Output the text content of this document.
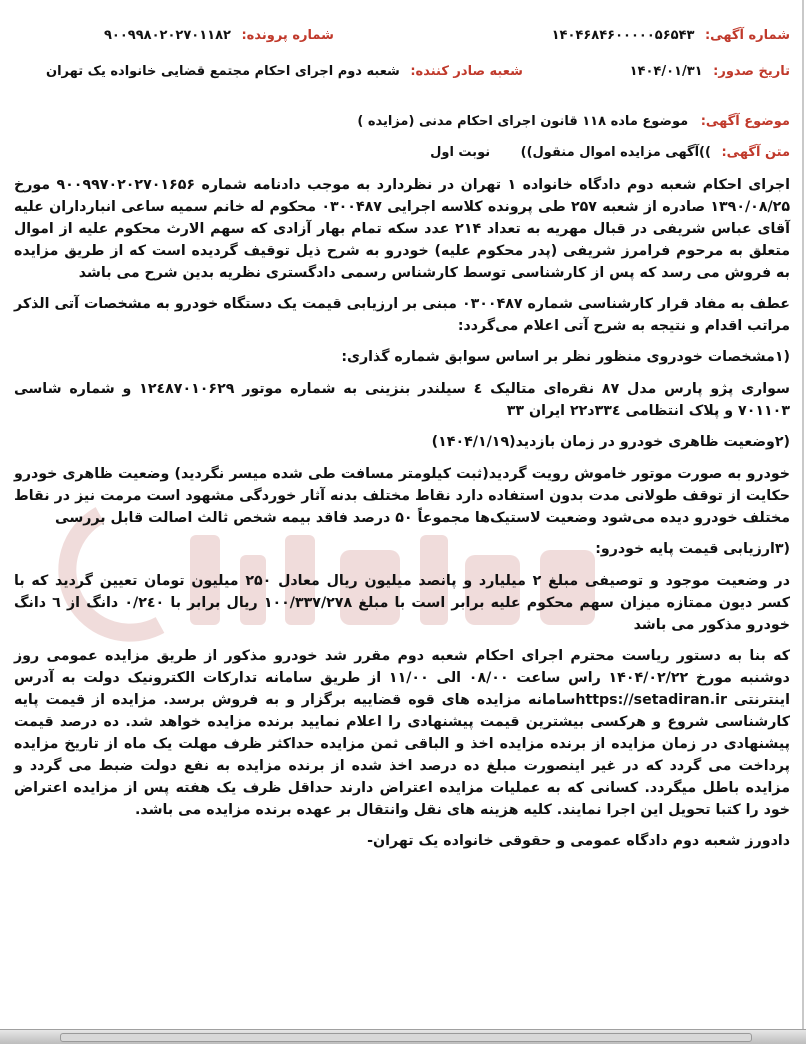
شماره آگهی: ۱۴۰۴۶۸۴۶۰۰۰۰۰۵۶۵۴۳
شماره پرونده: ۹۰۰۹۹۸۰۲۰۲۷۰۱۱۸۲
تاریخ صدور: ۱۴۰۴/۰۱/۳۱
شعبه صادر کننده: شعبه دوم اجرای احکام مجتمع قضایی خانواده یک تهران
موضوع آگهی: موضوع ماده ۱۱۸ قانون اجرای احکام مدنی (مزایده )
متن آگهی: ))آگهی مزایده اموال منقول)) نوبت اول

اجرای احکام شعبه دوم دادگاه خانواده ۱ تهران در نظردارد به موجب دادنامه شماره ۹۰۰۹۹۷۰۲۰۲۷۰۱۶۵۶ مورخ ۱۳۹۰/۰۸/۲۵ صادره از شعبه ۲۵۷ طی پرونده کلاسه اجرایی ۰۳۰۰۴۸۷ محکوم له خانم سمیه ساعی انبارداران علیه آقای عباس شریفی در قبال مهریه به تعداد ۲۱۴ عدد سکه تمام بهار آزادی که سهم الارث محکوم علیه از اموال متعلق به مرحوم فرامرز شریفی (پدر محکوم علیه) خودرو به شرح ذیل توقیف گردیده است که از طریق مزایده به فروش می رسد که پس از کارشناسی توسط کارشناس رسمی دادگستری نظریه بدین شرح می باشد

عطف به مفاد قرار کارشناسی شماره ۰۳۰۰۴۸۷ مبنی بر ارزیابی قیمت یک دستگاه خودرو به مشخصات آتی الذکر مراتب اقدام و نتیجه به شرح آتی اعلام می‌گردد:

(۱مشخصات خودروی منظور نظر بر اساس سوابق شماره گذاری:

سواری پژو پارس مدل ۸۷ نقره‌ای متالیک ٤ سیلندر بنزینی به شماره موتور ۱۲٤۸۷۰۱۰۶۲۹ و شماره شاسی ۷۰۱۱۰۳ و پلاک انتظامی ۳۳٤د۲۲ ایران ۳۳

(۲وضعیت ظاهری خودرو در زمان بازدید(۱۴۰۴/۱/۱۹)

خودرو به صورت موتور خاموش رویت گردید(ثبت کیلومتر مسافت طی شده میسر نگردید) وضعیت ظاهری خودرو حکایت از توقف طولانی مدت بدون استفاده دارد نقاط مختلف بدنه آثار خوردگی مشهود است مرمت نیز در نقاط مختلف خودرو دیده می‌شود وضعیت لاستیک‌ها مجموعاً ۵۰ درصد فاقد بیمه شخص ثالث اصالت قابل بررسی

(۳ارزیابی قیمت پایه خودرو:

در وضعیت موجود و توصیفی مبلغ ۲ میلیارد و پانصد میلیون ریال معادل ۲۵۰ میلیون تومان تعیین گردید که با کسر دیون ممتازه میزان سهم محکوم علیه برابر است با مبلغ ۱۰۰/۳۳۷/۲۷۸ ریال برابر با ۰/۲٤۰ دانگ از ٦ دانگ خودرو مذکور می باشد

که بنا به دستور ریاست محترم اجرای احکام شعبه دوم مقرر شد خودرو مذکور از طریق مزایده عمومی روز دوشنبه مورخ ۱۴۰۴/۰۲/۲۲ راس ساعت ۰۸/۰۰ الی ۱۱/۰۰ از طریق سامانه تدارکات الکترونیک دولت به آدرس اینترنتی https://setadiran.irسامانه مزایده های قوه قضاییه برگزار و به فروش برسد. مزایده از قیمت پایه کارشناسی شروع و هرکسی بیشترین قیمت پیشنهادی را اعلام نمایید برنده مزایده خواهد شد. ده درصد قیمت پیشنهادی در زمان مزایده از برنده مزایده اخذ و الباقی ثمن مزایده حداکثر ظرف مهلت یک ماه از تاریخ مزایده پرداخت می گردد که در غیر اینصورت مبلغ ده درصد اخذ شده از برنده مزایده به نفع دولت ضبط می گردد و مزایده باطل میگردد. کسانی که به عملیات مزایده اعتراض دارند حداقل ظرف یک هفته پس از مزایده اعتراض خود را کتبا تحویل این اجرا نمایند. کلیه هزینه های نقل وانتقال بر عهده برنده مزایده می باشد.

دادورز شعبه دوم دادگاه عمومی و حقوقی خانواده یک تهران-
